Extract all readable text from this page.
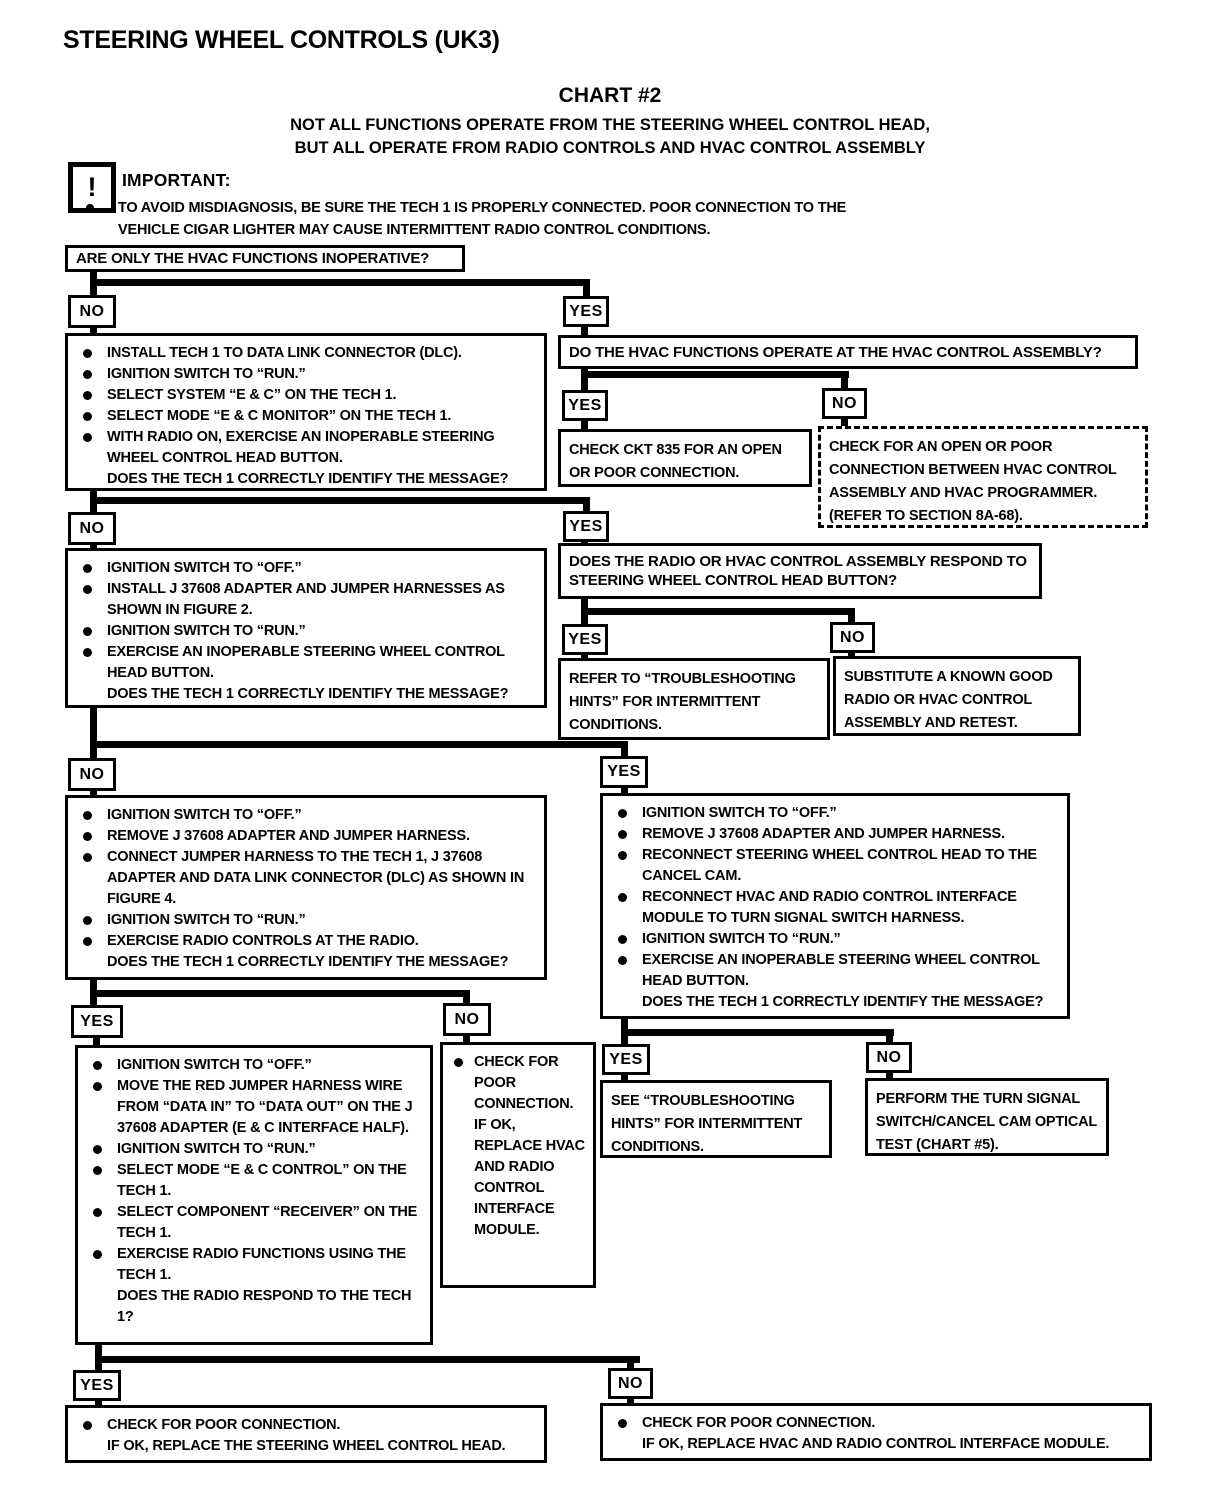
STEERING WHEEL CONTROLS (UK3)
CHART #2

NOT ALL FUNCTIONS OPERATE FROM THE STEERING WHEEL CONTROL HEAD,

BUT ALL OPERATE FROM RADIO CONTROLS AND HVAC CONTROL ASSEMBLY

! IMPORTANT:
TO AVOID MISDIAGNOSIS, BE SURE THE TECH 1 IS PROPERLY CONNECTED. POOR CONNECTION TO THE VEHICLE CIGAR LIGHTER MAY CAUSE INTERMITTENT RADIO CONTROL CONDITIONS.
ARE ONLY THE HVAC FUNCTIONS INOPERATIVE?
NO	YES
INSTALL TECH 1 TO DATA LINK CONNECTOR (DLC).
IGNITION SWITCH TO “RUN.”
SELECT SYSTEM “E & C” ON THE TECH 1.
SELECT MODE “E & C MONITOR” ON THE TECH 1.
WITH RADIO ON, EXERCISE AN INOPERABLE STEERING WHEEL CONTROL HEAD BUTTON.
DOES THE TECH 1 CORRECTLY IDENTIFY THE MESSAGE?
DO THE HVAC FUNCTIONS OPERATE AT THE HVAC CONTROL ASSEMBLY?
YES	NO
CHECK CKT 835 FOR AN OPEN OR POOR CONNECTION.
CHECK FOR AN OPEN OR POOR CONNECTION BETWEEN HVAC CONTROL ASSEMBLY AND HVAC PROGRAMMER. (REFER TO SECTION 8A-68).
NO	YES
IGNITION SWITCH TO “OFF.”
INSTALL J 37608 ADAPTER AND JUMPER HARNESSES AS SHOWN IN FIGURE 2.
IGNITION SWITCH TO “RUN.”
EXERCISE AN INOPERABLE STEERING WHEEL CONTROL HEAD BUTTON.
DOES THE TECH 1 CORRECTLY IDENTIFY THE MESSAGE?
DOES THE RADIO OR HVAC CONTROL ASSEMBLY RESPOND TO STEERING WHEEL CONTROL HEAD BUTTON?
YES	NO
REFER TO “TROUBLESHOOTING HINTS” FOR INTERMITTENT CONDITIONS.
SUBSTITUTE A KNOWN GOOD RADIO OR HVAC CONTROL ASSEMBLY AND RETEST.
NO	YES
IGNITION SWITCH TO “OFF.”
REMOVE J 37608 ADAPTER AND JUMPER HARNESS.
CONNECT JUMPER HARNESS TO THE TECH 1, J 37608 ADAPTER AND DATA LINK CONNECTOR (DLC) AS SHOWN IN FIGURE 4.
IGNITION SWITCH TO “RUN.”
EXERCISE RADIO CONTROLS AT THE RADIO.
DOES THE TECH 1 CORRECTLY IDENTIFY THE MESSAGE?
IGNITION SWITCH TO “OFF.”
REMOVE J 37608 ADAPTER AND JUMPER HARNESS.
RECONNECT STEERING WHEEL CONTROL HEAD TO THE CANCEL CAM.
RECONNECT HVAC AND RADIO CONTROL INTERFACE MODULE TO TURN SIGNAL SWITCH HARNESS.
IGNITION SWITCH TO “RUN.”
EXERCISE AN INOPERABLE STEERING WHEEL CONTROL HEAD BUTTON.
DOES THE TECH 1 CORRECTLY IDENTIFY THE MESSAGE?
YES	NO
IGNITION SWITCH TO “OFF.”
MOVE THE RED JUMPER HARNESS WIRE FROM “DATA IN” TO “DATA OUT” ON THE J 37608 ADAPTER (E & C INTERFACE HALF).
IGNITION SWITCH TO “RUN.”
SELECT MODE “E & C CONTROL” ON THE TECH 1.
SELECT COMPONENT “RECEIVER” ON THE TECH 1.
EXERCISE RADIO FUNCTIONS USING THE TECH 1.
DOES THE RADIO RESPOND TO THE TECH 1?
CHECK FOR POOR CONNECTION. IF OK, REPLACE HVAC AND RADIO CONTROL INTERFACE MODULE.
YES	NO
SEE “TROUBLESHOOTING HINTS” FOR INTERMITTENT CONDITIONS.
PERFORM THE TURN SIGNAL SWITCH/CANCEL CAM OPTICAL TEST (CHART #5).
YES	NO
CHECK FOR POOR CONNECTION.
IF OK, REPLACE THE STEERING WHEEL CONTROL HEAD.
CHECK FOR POOR CONNECTION.
IF OK, REPLACE HVAC AND RADIO CONTROL INTERFACE MODULE.
